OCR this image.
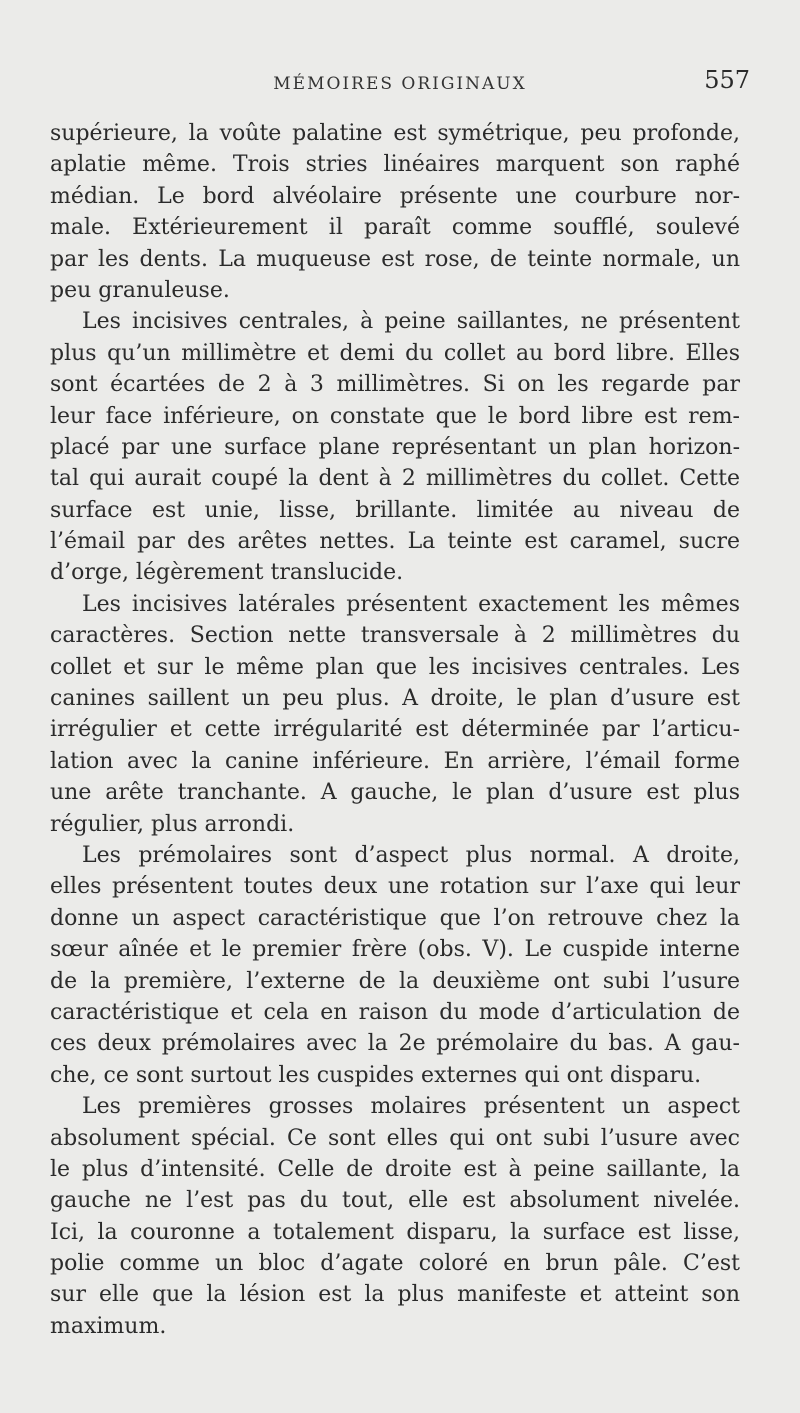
MÉMOIRES ORIGINAUX	557
supérieure, la voûte palatine est symétrique, peu profonde,
aplatie même. Trois stries linéaires marquent son raphé
médian. Le bord alvéolaire présente une courbure nor-
male. Extérieurement il paraît comme soufflé, soulevé
par les dents. La muqueuse est rose, de teinte normale, un
peu granuleuse.
Les incisives centrales, à peine saillantes, ne présentent
plus qu’un millimètre et demi du collet au bord libre. Elles
sont écartées de 2 à 3 millimètres. Si on les regarde par
leur face inférieure, on constate que le bord libre est rem-
placé par une surface plane représentant un plan horizon-
tal qui aurait coupé la dent à 2 millimètres du collet. Cette
surface est unie, lisse, brillante. limitée au niveau de
l’émail par des arêtes nettes. La teinte est caramel, sucre
d’orge, légèrement translucide.
Les incisives latérales présentent exactement les mêmes
caractères. Section nette transversale à 2 millimètres du
collet et sur le même plan que les incisives centrales. Les
canines saillent un peu plus. A droite, le plan d’usure est
irrégulier et cette irrégularité est déterminée par l’articu-
lation avec la canine inférieure. En arrière, l’émail forme
une arête tranchante. A gauche, le plan d’usure est plus
régulier, plus arrondi.
Les prémolaires sont d’aspect plus normal. A droite,
elles présentent toutes deux une rotation sur l’axe qui leur
donne un aspect caractéristique que l’on retrouve chez la
sœur aînée et le premier frère (obs. V). Le cuspide interne
de la première, l’externe de la deuxième ont subi l’usure
caractéristique et cela en raison du mode d’articulation de
ces deux prémolaires avec la 2e prémolaire du bas. A gau-
che, ce sont surtout les cuspides externes qui ont disparu.
Les premières grosses molaires présentent un aspect
absolument spécial. Ce sont elles qui ont subi l’usure avec
le plus d’intensité. Celle de droite est à peine saillante, la
gauche ne l’est pas du tout, elle est absolument nivelée.
Ici, la couronne a totalement disparu, la surface est lisse,
polie comme un bloc d’agate coloré en brun pâle. C’est
sur elle que la lésion est la plus manifeste et atteint son
maximum.
